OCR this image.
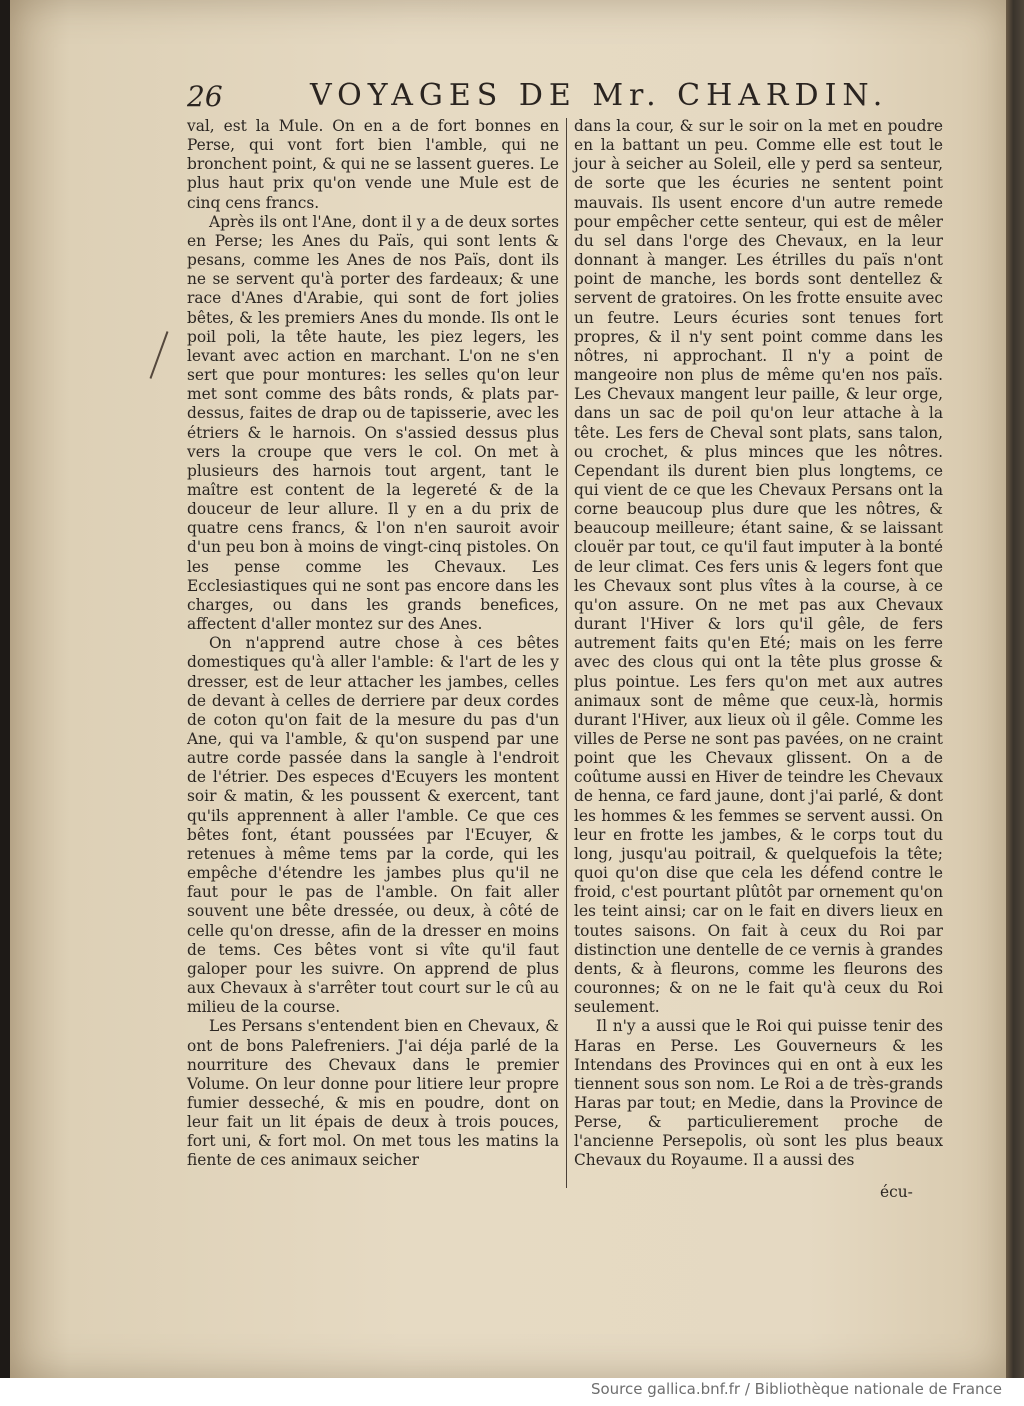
26	VOYAGES DE Mr. CHARDIN.

val, est la Mule. On en a de fort bonnes en Perse, qui vont fort bien l'amble, qui ne bronchent point, & qui ne se lassent gueres. Le plus haut prix qu'on vende une Mule est de cinq cens francs.

Après ils ont l'Ane, dont il y a de deux sortes en Perse; les Anes du Païs, qui sont lents & pesans, comme les Anes de nos Païs, dont ils ne se servent qu'à porter des fardeaux; & une race d'Anes d'Arabie, qui sont de fort jolies bêtes, & les premiers Anes du monde. Ils ont le poil poli, la tête haute, les piez legers, les levant avec action en marchant. L'on ne s'en sert que pour montures: les selles qu'on leur met sont comme des bâts ronds, & plats par-dessus, faites de drap ou de tapisserie, avec les étriers & le harnois. On s'assied dessus plus vers la croupe que vers le col. On met à plusieurs des harnois tout argent, tant le maître est content de la legereté & de la douceur de leur allure. Il y en a du prix de quatre cens francs, & l'on n'en sauroit avoir d'un peu bon à moins de vingt-cinq pistoles. On les pense comme les Chevaux. Les Ecclesiastiques qui ne sont pas encore dans les charges, ou dans les grands benefices, affectent d'aller montez sur des Anes.

On n'apprend autre chose à ces bêtes domestiques qu'à aller l'amble: & l'art de les y dresser, est de leur attacher les jambes, celles de devant à celles de derriere par deux cordes de coton qu'on fait de la mesure du pas d'un Ane, qui va l'amble, & qu'on suspend par une autre corde passée dans la sangle à l'endroit de l'étrier. Des especes d'Ecuyers les montent soir & matin, & les poussent & exercent, tant qu'ils apprennent à aller l'amble. Ce que ces bêtes font, étant poussées par l'Ecuyer, & retenues à même tems par la corde, qui les empêche d'étendre les jambes plus qu'il ne faut pour le pas de l'amble. On fait aller souvent une bête dressée, ou deux, à côté de celle qu'on dresse, afin de la dresser en moins de tems. Ces bêtes vont si vîte qu'il faut galoper pour les suivre. On apprend de plus aux Chevaux à s'arrêter tout court sur le cû au milieu de la course.

Les Persans s'entendent bien en Chevaux, & ont de bons Palefreniers. J'ai déja parlé de la nourriture des Chevaux dans le premier Volume. On leur donne pour litiere leur propre fumier desseché, & mis en poudre, dont on leur fait un lit épais de deux à trois pouces, fort uni, & fort mol. On met tous les matins la fiente de ces animaux seicher

dans la cour, & sur le soir on la met en poudre en la battant un peu. Comme elle est tout le jour à seicher au Soleil, elle y perd sa senteur, de sorte que les écuries ne sentent point mauvais. Ils usent encore d'un autre remede pour empêcher cette senteur, qui est de mêler du sel dans l'orge des Chevaux, en la leur donnant à manger. Les étrilles du païs n'ont point de manche, les bords sont dentellez & servent de gratoires. On les frotte ensuite avec un feutre. Leurs écuries sont tenues fort propres, & il n'y sent point comme dans les nôtres, ni approchant. Il n'y a point de mangeoire non plus de même qu'en nos païs. Les Chevaux mangent leur paille, & leur orge, dans un sac de poil qu'on leur attache à la tête. Les fers de Cheval sont plats, sans talon, ou crochet, & plus minces que les nôtres. Cependant ils durent bien plus longtems, ce qui vient de ce que les Chevaux Persans ont la corne beaucoup plus dure que les nôtres, & beaucoup meilleure; étant saine, & se laissant clouër par tout, ce qu'il faut imputer à la bonté de leur climat. Ces fers unis & legers font que les Chevaux sont plus vîtes à la course, à ce qu'on assure. On ne met pas aux Chevaux durant l'Hiver & lors qu'il gêle, de fers autrement faits qu'en Eté; mais on les ferre avec des clous qui ont la tête plus grosse & plus pointue. Les fers qu'on met aux autres animaux sont de même que ceux-là, hormis durant l'Hiver, aux lieux où il gêle. Comme les villes de Perse ne sont pas pavées, on ne craint point que les Chevaux glissent. On a de coûtume aussi en Hiver de teindre les Chevaux de henna, ce fard jaune, dont j'ai parlé, & dont les hommes & les femmes se servent aussi. On leur en frotte les jambes, & le corps tout du long, jusqu'au poitrail, & quelquefois la tête; quoi qu'on dise que cela les défend contre le froid, c'est pourtant plûtôt par ornement qu'on les teint ainsi; car on le fait en divers lieux en toutes saisons. On fait à ceux du Roi par distinction une dentelle de ce vernis à grandes dents, & à fleurons, comme les fleurons des couronnes; & on ne le fait qu'à ceux du Roi seulement.

Il n'y a aussi que le Roi qui puisse tenir des Haras en Perse. Les Gouverneurs & les Intendans des Provinces qui en ont à eux les tiennent sous son nom. Le Roi a de très-grands Haras par tout; en Medie, dans la Province de Perse, & particulierement proche de l'ancienne Persepolis, où sont les plus beaux Chevaux du Royaume. Il a aussi des

écu-
Source gallica.bnf.fr / Bibliothèque nationale de France
